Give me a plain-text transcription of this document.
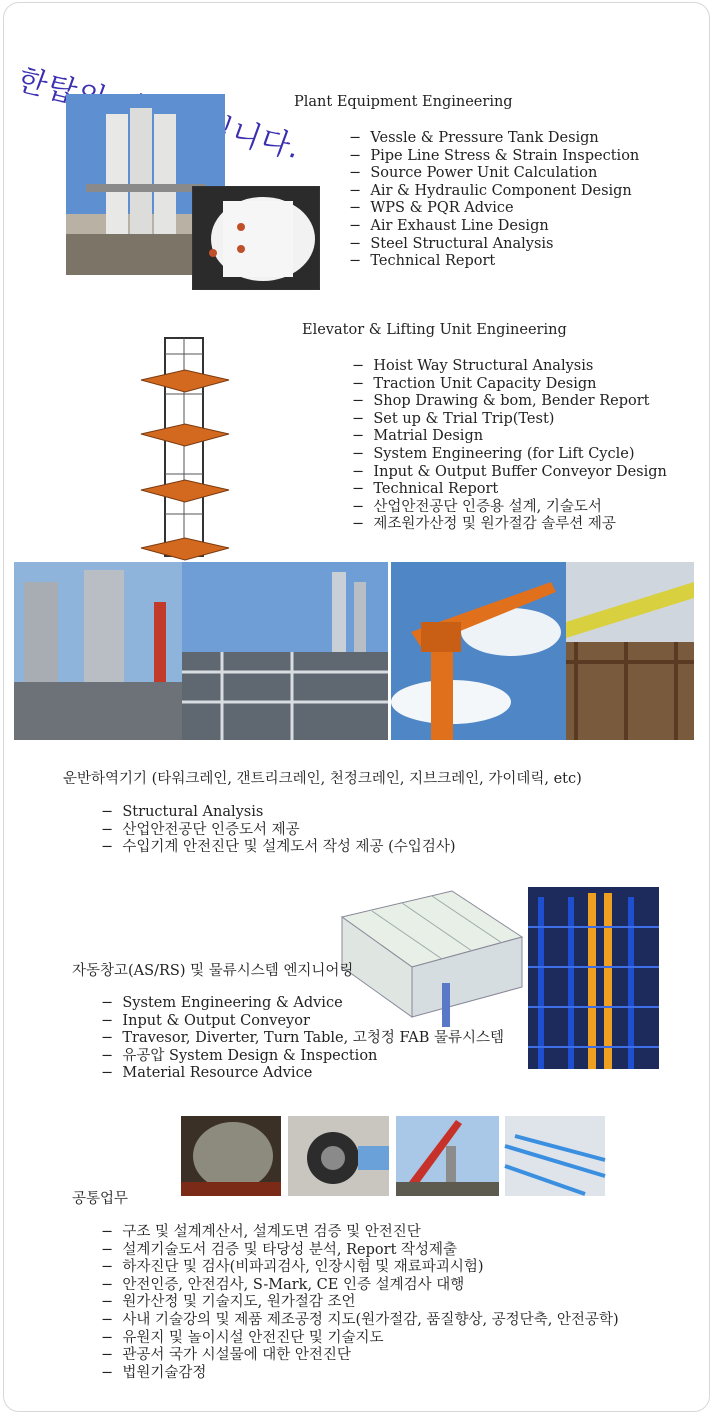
한탑의	Plant Equipment Engineering
−  Vessle & Pressure Tank Design
−  Pipe Line Stress & Strain Inspection
−  Source Power Unit Calculation
−  Air & Hydraulic Component Design
−  WPS & PQR Advice
−  Air Exhaust Line Design
−  Steel Structural Analysis
−  Technical Report
Elevator & Lifting Unit Engineering
−  Hoist Way Structural Analysis
−  Traction Unit Capacity Design
−  Shop Drawing & bom, Bender Report
−  Set up & Trial Trip(Test)
−  Matrial Design
−  System Engineering (for Lift Cycle)
−  Input & Output Buffer Conveyor Design
−  Technical Report
−  산업안전공단 인증용 설계, 기술도서
−  제조원가산정 및 원가절감 솔루션 제공
운반하역기기 (타워크레인, 갠트리크레인, 천정크레인, 지브크레인, 가이데릭, etc)
−  Structural Analysis
−  산업안전공단 인증도서 제공
−  수입기계 안전진단 및 설계도서 작성 제공 (수입검사)
자동창고(AS/RS) 및 물류시스템 엔지니어링
−  System Engineering & Advice
−  Input & Output Conveyor
−  Travesor, Diverter, Turn Table, 고청정 FAB 물류시스템
−  유공압 System Design & Inspection
−  Material Resource Advice
공통업무
−  구조 및 설계계산서, 설계도면 검증 및 안전진단
−  설계기술도서 검증 및 타당성 분석, Report 작성제출
−  하자진단 및 검사(비파괴검사, 인장시험 및 재료파괴시험)
−  안전인증, 안전검사, S-Mark, CE 인증 설계검사 대행
−  원가산정 및 기술지도, 원가절감 조언
−  사내 기술강의 및 제품 제조공정 지도(원가절감, 품질향상, 공정단축, 안전공학)
−  유원지 및 놀이시설 안전진단 및 기술지도
−  관공서 국가 시설물에 대한 안전진단
−  법원기술감정
